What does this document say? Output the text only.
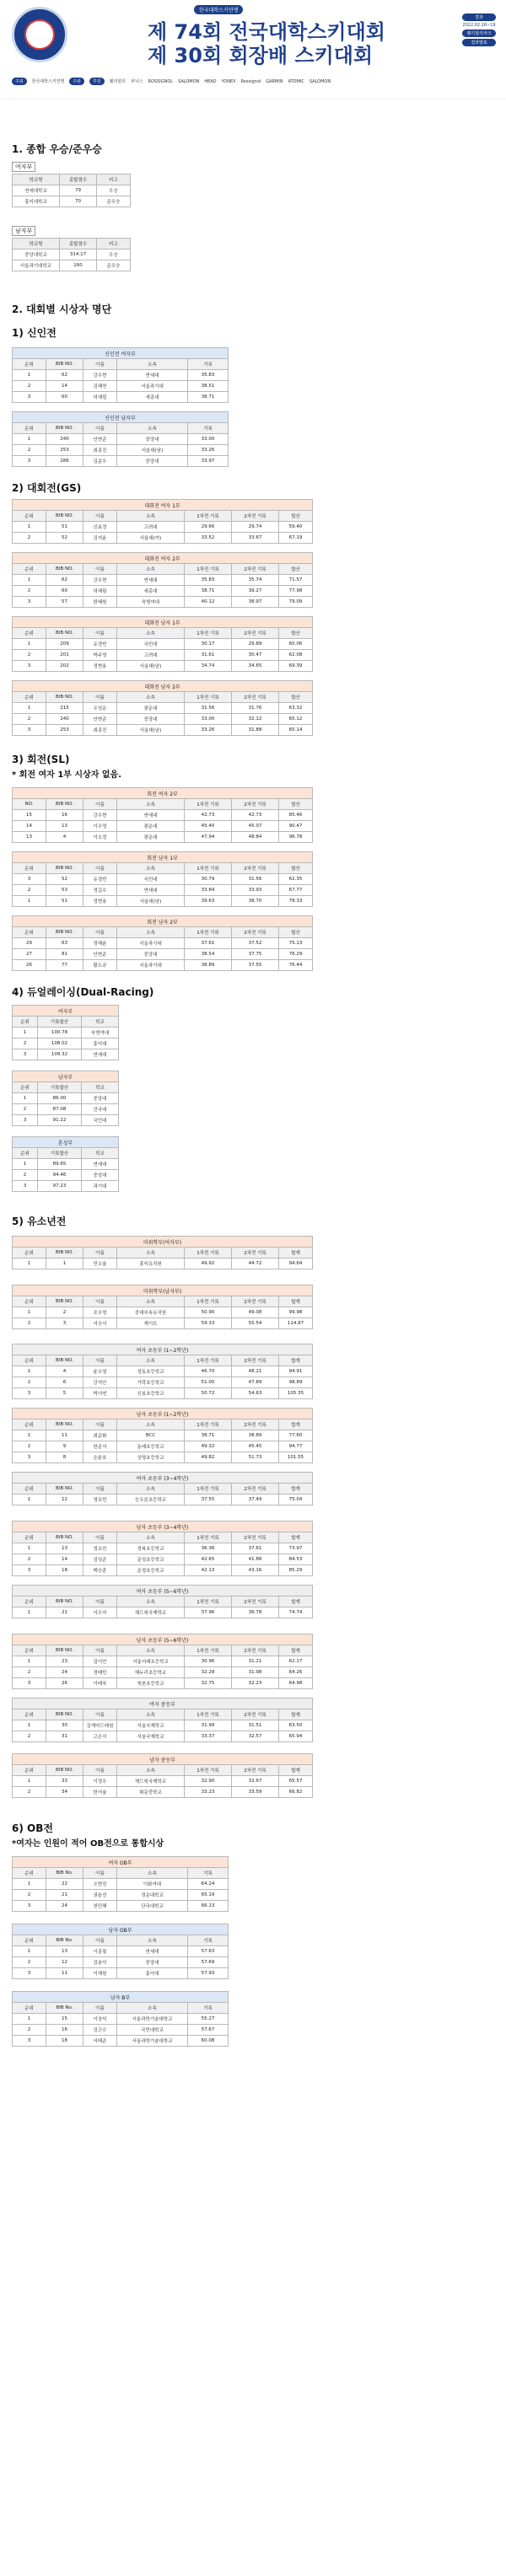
한국대학스키연맹
제 74회 전국대학스키대회
제 30회 회장배 스키대회
결과
2022.02.16~19
웰리힐리파크
결과발표
주최	한국대학스키연맹	주관	후원	웰리힐리 피닉스 ROSSIGNOL SALOMON HEAD YONEX Rossignol GARMIN ATOMIC SALOMON
1. 종합 우승/준우승
여자부
학교명	종합점수	비고
연세대학교	79	우승
홍익대학교	70	준우승
남자부
학교명	종합점수	비고
중앙대학교	314.17	우승
서울과기대학교	160	준우승
2. 대회별 시상자 명단
1) 신인전
신인전 여자부				
순위	BIB NO.	이름	소속	기록
1	62	강우현	연세대	35.83
2	14	김혜연	서울과기대	38.51
3	60	허예림	세종대	38.71
신인전 남자부				
순위	BIB NO.	이름	소속	기록
1	240	안현준	중앙대	33.00
2	253	최종진	서울대(남)	33.26
3	286	김준우	중앙대	33.97
2) 대회전(GS)
대회전 여자 1부						
순위	BIB NO.	이름	소속	1차전 기록	2차전 기록	합산
1	51	신효정	고려대	29.66	29.74	59.40
2	52	김지윤	서울대(여)	33.52	33.67	67.19
대회전 여자 2부						
순위	BIB NO.	이름	소속	1차전 기록	2차전 기록	합산
1	62	강우현	연세대	35.83	35.74	71.57
2	60	허예림	세종대	38.71	39.27	77.98
3	57	한혜원	숙명여대	40.12	38.97	79.09
대회전 남자 1부						
순위	BIB NO.	이름	소속	1차전 기록	2차전 기록	합산
1	209	유경빈	국민대	30.17	29.89	60.06
2	201	박주영	고려대	31.61	30.47	62.08
3	202	정현용	서울대(남)	34.74	34.65	69.39
대회전 남자 2부						
순위	BIB NO.	이름	소속	1차전 기록	2차전 기록	합산
1	215	우성운	광운대	31.56	31.76	63.32
2	240	안현준	중앙대	33.00	32.12	65.12
3	253	최종진	서울대(남)	33.26	31.88	65.14
3) 회전(SL)
* 회전 여자 1부 시상자 없음.
회전 여자 2부						
NO.	BIB NO.	이름	소속	1차전 기록	2차전 기록	합산
15	16	강우현	연세대	42.73	42.73	85.46
14	13	이우영	광운대	45.40	45.07	90.47
13	4	이소정	광운대	47.94	48.84	96.78
회전 남자 1부						
순위	BIB NO.	이름	소속	1차전 기록	2차전 기록	합산
3	52	유경빈	국민대	30.79	31.56	62.35
2	53	정길수	연세대	33.84	33.93	67.77
1	51	정현용	서울대(남)	39.63	38.70	78.33
회전 남자 2부						
순위	BIB NO.	이름	소속	1차전 기록	2차전 기록	합산
29	63	정해윤	서울과기대	37.61	37.52	75.13
27	81	안현준	중앙대	38.54	37.75	76.29
26	77	황도규	서울과기대	38.89	37.55	76.44
4) 듀얼레이싱(Dual-Racing)
여자부		
순위	기록합산	학교
1	100.78	숙명여대
2	108.02	홍익대
3	109.32	연세대
남자부		
순위	기록합산	학교
1	86.00	중앙대
2	87.08	건국대
3	91.22	국민대
혼성부		
순위	기록합산	학교
1	89.65	연세대
2	94.46	중앙대
3	97.23	과기대
5) 유소년전
미취학부(여자부)						
순위	BIB NO.	이름	소속	1차전 기록	2차전 기록	합계
1	1	민소율	홍익유치원	49.92	44.72	94.64
미취학부(남자부)						
순위	BIB NO.	이름	소속	1차전 기록	2차전 기록	합계
1	2	조우영	중대부속유치원	50.90	49.08	99.98
2	3	서승서	게이트	59.33	55.54	114.87
여자 초등부 (1~2학년)						
순위	BIB NO.	이름	소속	1차전 기록	2차전 기록	합계
1	4	윤소영	성동초등학교	46.70	48.21	94.91
2	6	강지안	가락초등학교	51.00	47.89	98.89
3	5	박서연	신용초등학교	50.72	54.63	105.35
남자 초등부 (1~2학년)						
순위	BIB NO.	이름	소속	1차전 기록	2차전 기록	합계
1	11	최준화	BCC	38.71	38.89	77.60
2	9	한준서	동래초등학교	49.32	45.45	94.77
3	8	손윤호	상명초등학교	49.82	51.73	101.55
여자 초등부 (3~4학년)						
순위	BIB NO.	이름	소속	1차전 기록	2차전 기록	합계
1	12	정유민	능우론초등학교	37.55	37.49	75.04
남자 초등부 (3~4학년)						
순위	BIB NO.	이름	소속	1차전 기록	2차전 기록	합계
1	13	정요안	경복초등학교	36.36	37.61	73.97
2	14	김성준	문성초등학교	42.65	41.88	84.53
3	18	백승훈	운정초등학교	42.13	43.16	85.29
여자 초등부 (5~6학년)						
순위	BIB NO.	이름	소속	1차전 기록	2차전 기록	합계
1	21	이수지	채드윅국제학교	37.96	36.78	74.74
남자 초등부 (5~6학년)						
순위	BIB NO.	이름	소속	1차전 기록	2차전 기록	합계
1	23	김이안	서울서래초등학교	30.96	31.21	62.17
2	24	정태민	해누리초등학교	32.28	31.98	64.26
3	26	이태욱	북촌초등학교	32.75	32.23	64.98
여자 중등부						
순위	BIB NO.	이름	소속	1차전 기록	2차전 기록	합계
1	30	김캐어드래원	서울국제학교	31.99	31.51	63.50
2	31	고은서	서울국제학교	33.37	32.57	65.94
남자 중등부						
순위	BIB NO.	이름	소속	1차전 기록	2차전 기록	합계
1	33	이정우	채드윅국제학교	32.90	32.67	65.57
2	34	한서율	휘문중학교	33.23	33.59	66.82
6) OB전
*여자는 인원이 적어 OB전으로 통합시상
여자 OB부				
순위	BIB No.	이름	소속	기록
1	22	오현진	이화여대	64.24
2	21	권윤선	경운대학교	65.19
3	24	천민혜	단국대학교	66.13
남자 OB부				
순위	BIB No.	이름	소속	기록
1	13	이종철	연세대	57.63
2	12	김용익	중앙대	57.69
3	11	이채원	홍익대	57.93
남자 B부				
순위	BIB No.	이름	소속	기록
1	15	이상익	서울과학기술대학교	55.27
2	16	김근수	국민대학교	57.67
3	18	서태준	서울과학기술대학교	60.08
